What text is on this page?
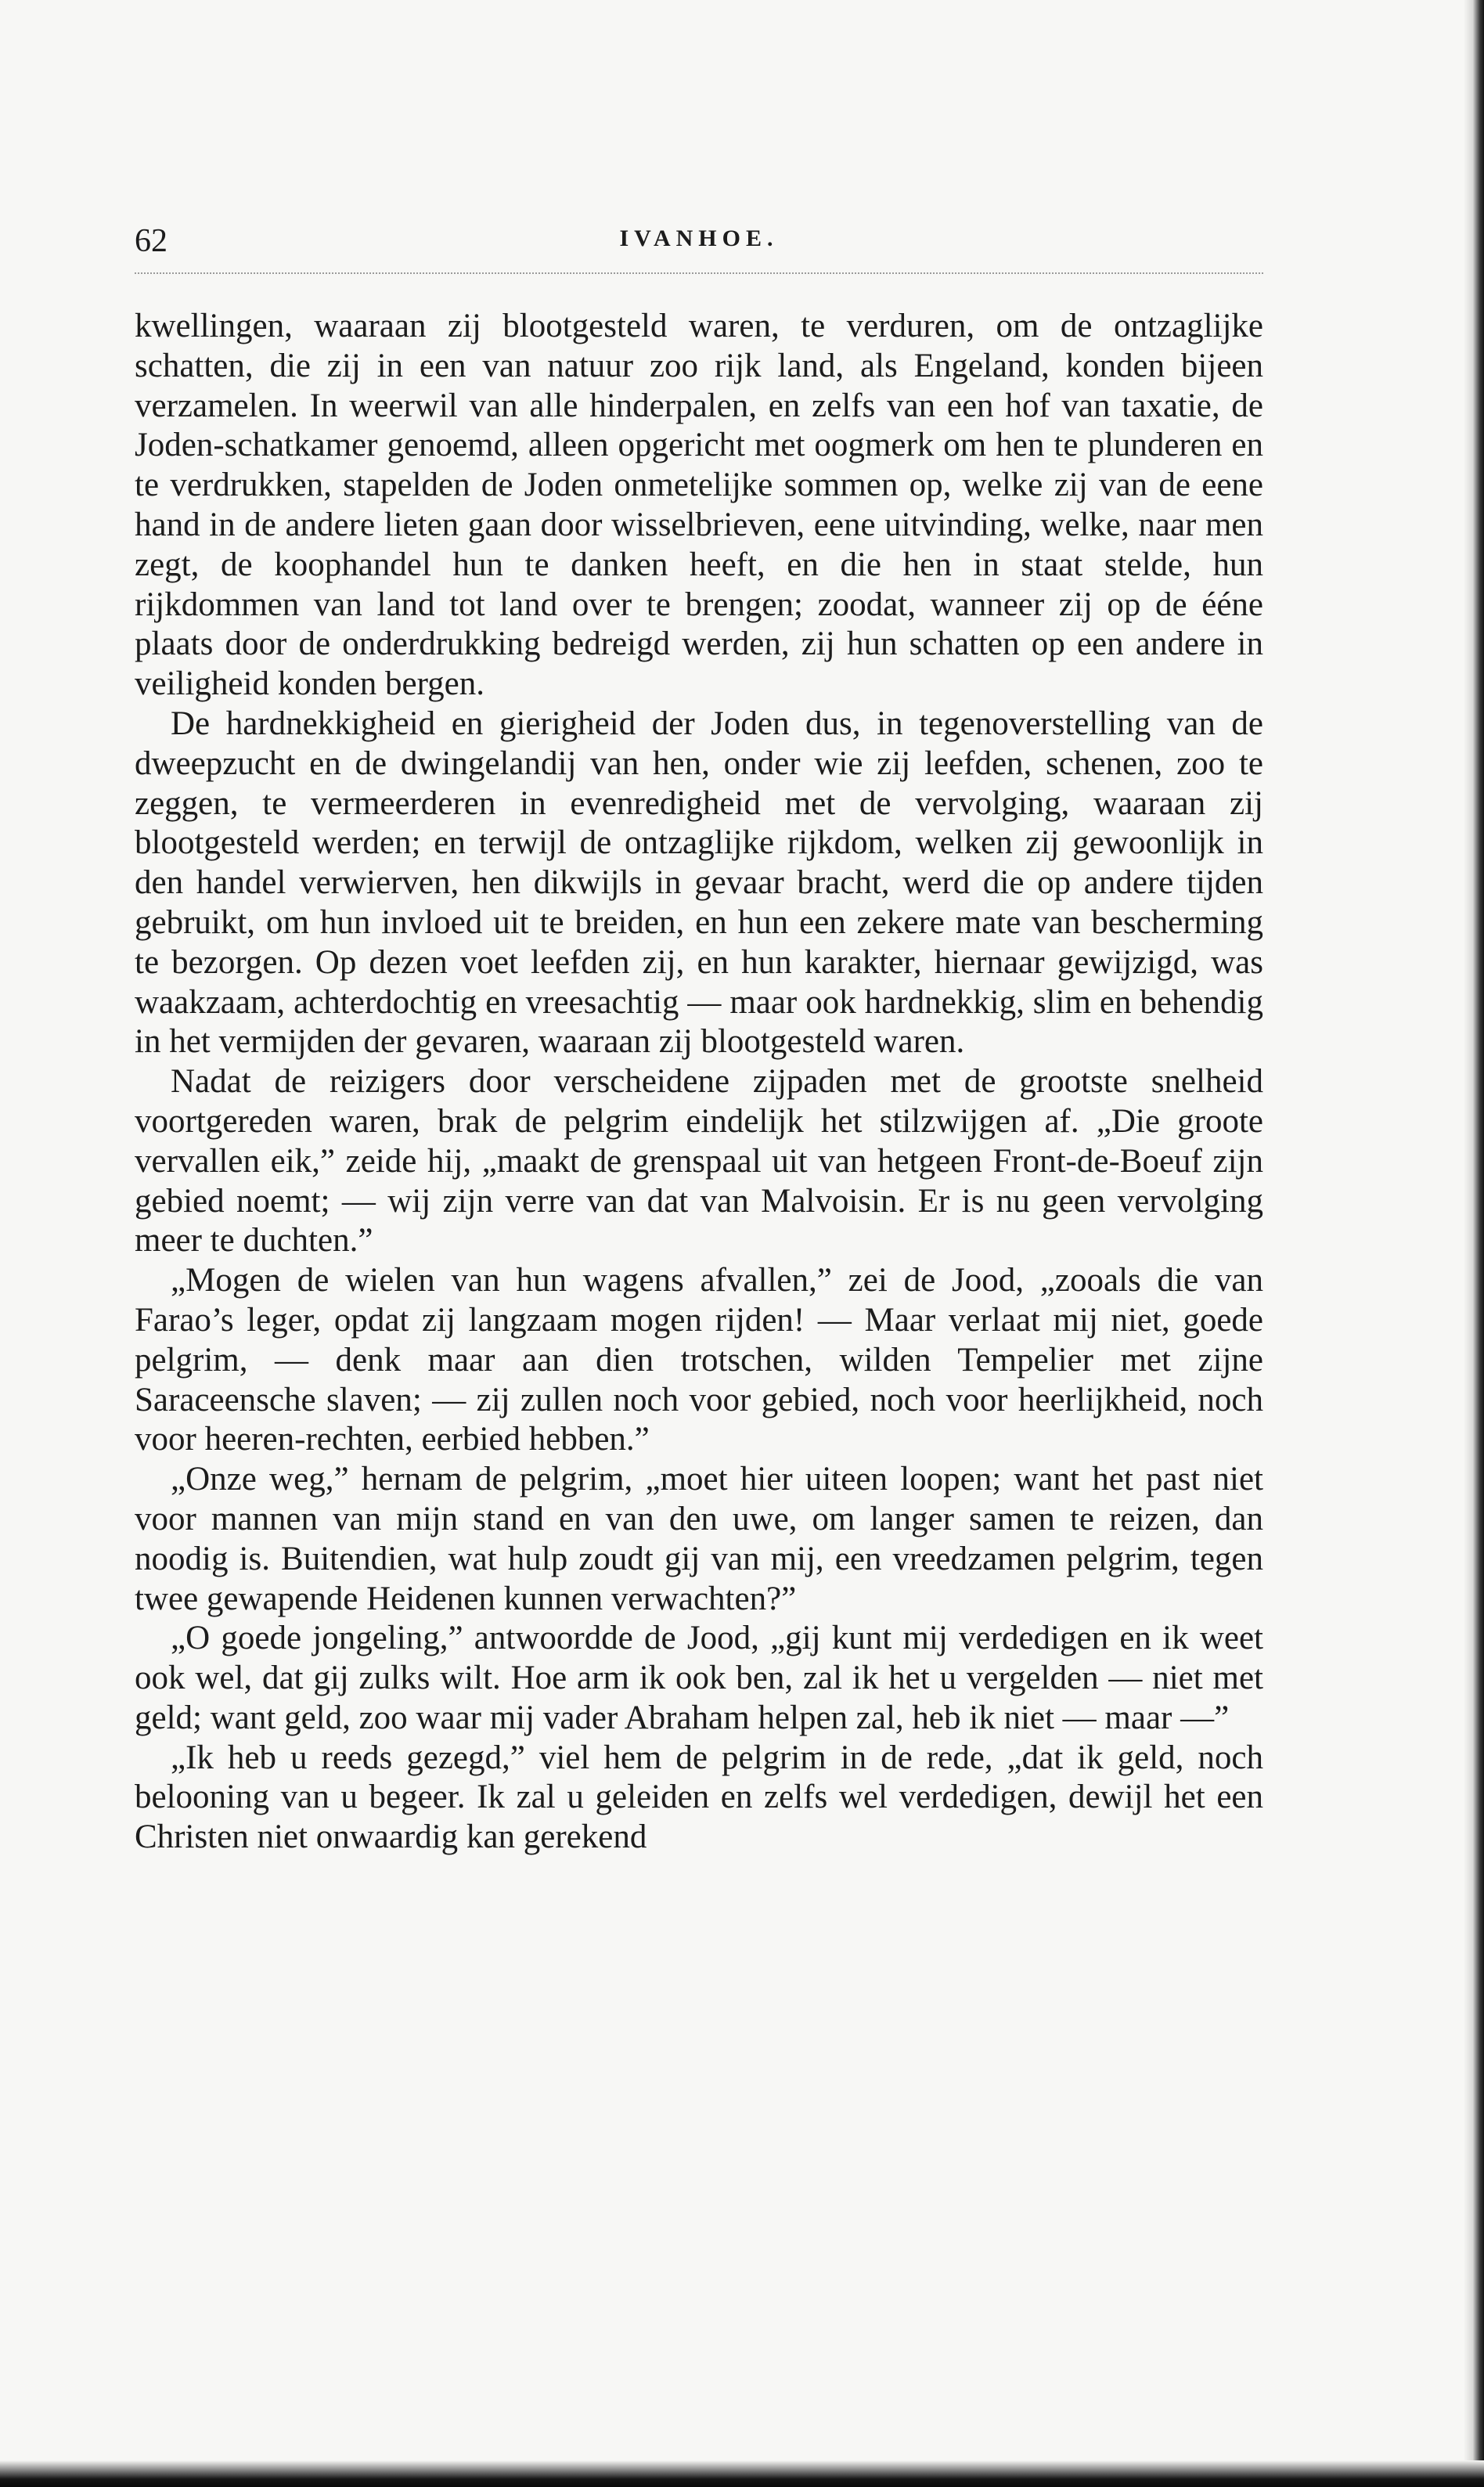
62	IVANHOE.

kwellingen, waaraan zij blootgesteld waren, te verduren, om de ontzaglijke schatten, die zij in een van natuur zoo rijk land, als Engeland, konden bijeen verzamelen. In weerwil van alle hinderpalen, en zelfs van een hof van taxatie, de Joden-schatkamer genoemd, alleen opgericht met oogmerk om hen te plunderen en te verdrukken, stapelden de Joden onmetelijke sommen op, welke zij van de eene hand in de andere lieten gaan door wisselbrieven, eene uitvinding, welke, naar men zegt, de koophandel hun te danken heeft, en die hen in staat stelde, hun rijkdommen van land tot land over te brengen; zoodat, wanneer zij op de ééne plaats door de onderdrukking bedreigd werden, zij hun schatten op een andere in veiligheid konden bergen.

De hardnekkigheid en gierigheid der Joden dus, in tegenoverstelling van de dweepzucht en de dwingelandij van hen, onder wie zij leefden, schenen, zoo te zeggen, te vermeerderen in evenredigheid met de vervolging, waaraan zij blootgesteld werden; en terwijl de ontzaglijke rijkdom, welken zij gewoonlijk in den handel verwierven, hen dikwijls in gevaar bracht, werd die op andere tijden gebruikt, om hun invloed uit te breiden, en hun een zekere mate van bescherming te bezorgen. Op dezen voet leefden zij, en hun karakter, hiernaar gewijzigd, was waakzaam, achterdochtig en vreesachtig — maar ook hardnekkig, slim en behendig in het vermijden der gevaren, waaraan zij blootgesteld waren.

Nadat de reizigers door verscheidene zijpaden met de grootste snelheid voortgereden waren, brak de pelgrim eindelijk het stilzwijgen af. „Die groote vervallen eik,” zeide hij, „maakt de grenspaal uit van hetgeen Front-de-Boeuf zijn gebied noemt; — wij zijn verre van dat van Malvoisin. Er is nu geen vervolging meer te duchten.”

„Mogen de wielen van hun wagens afvallen,” zei de Jood, „zooals die van Farao’s leger, opdat zij langzaam mogen rijden! — Maar verlaat mij niet, goede pelgrim, — denk maar aan dien trotschen, wilden Tempelier met zijne Saraceensche slaven; — zij zullen noch voor gebied, noch voor heerlijkheid, noch voor heeren-rechten, eerbied hebben.”

„Onze weg,” hernam de pelgrim, „moet hier uiteen loopen; want het past niet voor mannen van mijn stand en van den uwe, om langer samen te reizen, dan noodig is. Buitendien, wat hulp zoudt gij van mij, een vreedzamen pelgrim, tegen twee gewapende Heidenen kunnen verwachten?”

„O goede jongeling,” antwoordde de Jood, „gij kunt mij verdedigen en ik weet ook wel, dat gij zulks wilt. Hoe arm ik ook ben, zal ik het u vergelden — niet met geld; want geld, zoo waar mij vader Abraham helpen zal, heb ik niet — maar —”

„Ik heb u reeds gezegd,” viel hem de pelgrim in de rede, „dat ik geld, noch belooning van u begeer. Ik zal u geleiden en zelfs wel verdedigen, dewijl het een Christen niet onwaardig kan gerekend
